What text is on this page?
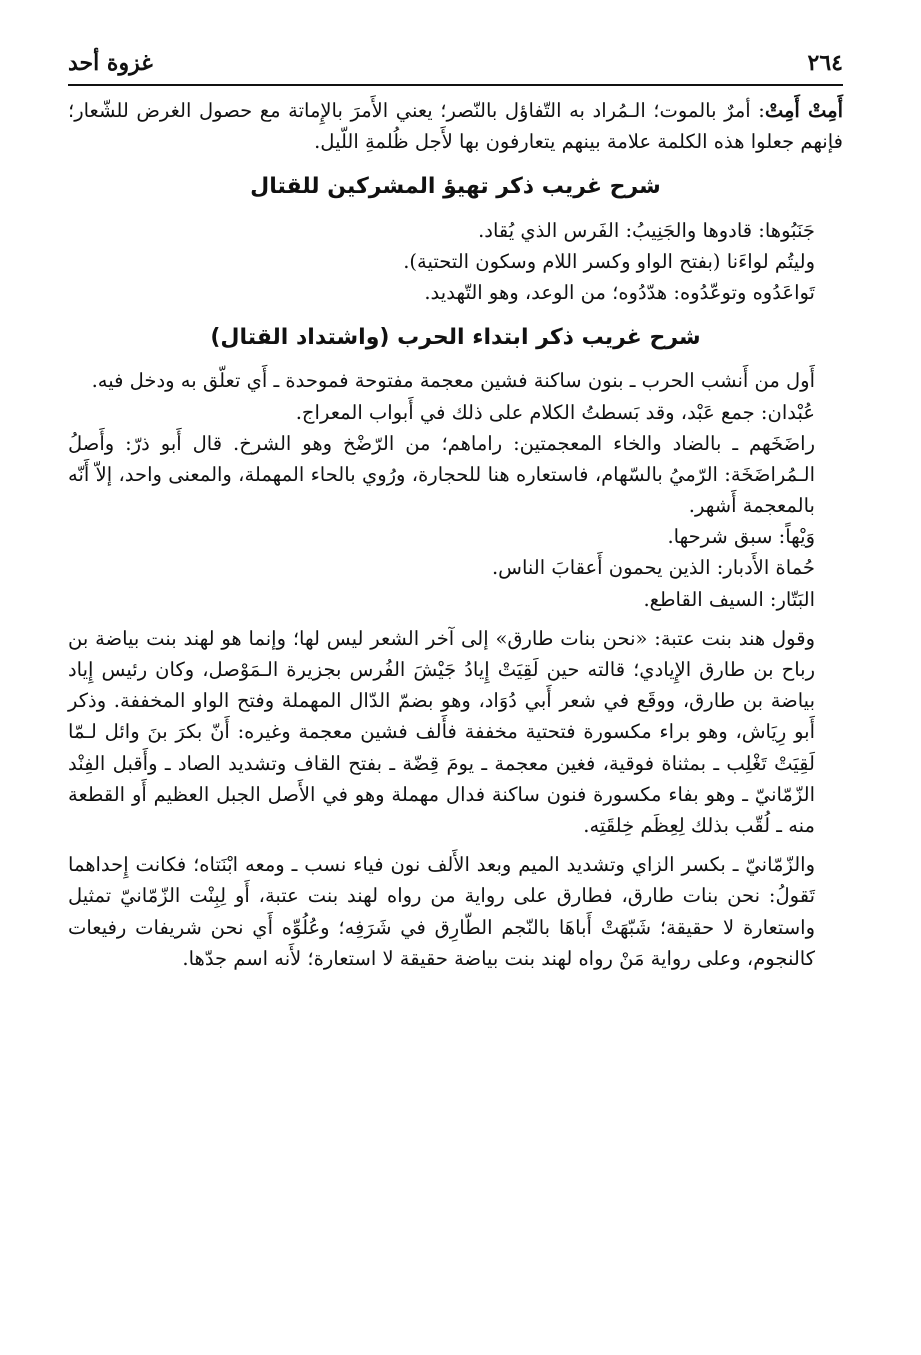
٢٦٤
غزوة أحد

أَمِتْ أَمِتْ: أمرٌ بالموت؛ الـمُراد به التّفاؤل بالنّصر؛ يعني الأَمرَ بالإِماتة مع حصول الغرض للشّعار؛ فإنهم جعلوا هذه الكلمة علامة بينهم يتعارفون بها لأَجل ظُلمةِ اللّيل.

شرح غريب ذكر تهيؤ المشركين للقتال

جَنَبُوها: قادوها والجَنِيبُ: الفَرس الذي يُقاد.

وليتُم لواءَنا (بفتح الواو وكسر اللام وسكون التحتية).

تَواعَدُوه وتوعّدُوه: هدّدُوه؛ من الوعد، وهو التّهديد.

شرح غريب ذكر ابتداء الحرب (واشتداد القتال)

أَول من أَنشب الحرب ـ بنون ساكنة فشين معجمة مفتوحة فموحدة ـ أَي تعلّق به ودخل فيه.

عُبْدان: جمع عَبْد، وقد بَسطتُ الكلام على ذلك في أَبواب المعراج.

راضَخَهم ـ بالضاد والخاء المعجمتين: راماهم؛ من الرّضْخ وهو الشرخ. قال أَبو ذرّ: وأَصلُ الـمُراضَخَة: الرّميُ بالسّهام، فاستعاره هنا للحجارة، ورُوي بالحاء المهملة، والمعنى واحد، إلاّ أَنّه بالمعجمة أَشهر.

وَيْهاً: سبق شرحها.

حُماة الأَدبار: الذين يحمون أَعقابَ الناس.

البَتّار: السيف القاطع.

وقول هند بنت عتبة: «نحن بنات طارق» إلى آخر الشعر ليس لها؛ وإنما هو لهند بنت بياضة بن رباح بن طارق الإِيادي؛ قالته حين لَقِيَتْ إِيادُ جَيْشَ الفُرس بجزيرة الـمَوْصل، وكان رئيس إِياد بياضة بن طارق، ووقَع في شعر أَبي دُوَاد، وهو بضمّ الدّال المهملة وفتح الواو المخففة. وذكر أَبو رِيَاش، وهو براء مكسورة فتحتية مخففة فأَلف فشين معجمة وغيره: أَنّ بكرَ بنَ وائل لـمّا لَقِيَتْ تَغْلِب ـ بمثناة فوقية، فغين معجمة ـ يومَ قِضّة ـ بفتح القاف وتشديد الصاد ـ وأَقبل الفِنْد الزّمّانيّ ـ وهو بفاء مكسورة فنون ساكنة فدال مهملة وهو في الأَصل الجبل العظيم أَو القطعة منه ـ لُقّب بذلك لِعِظَم خِلقَتِه.

والزّمّانيّ ـ بكسر الزاي وتشديد الميم وبعد الأَلف نون فياء نسب ـ ومعه ابْنَتاه؛ فكانت إِحداهما تَقولُ: نحن بنات طارق، فطارق على رواية من رواه لهند بنت عتبة، أَو لِبِنْت الزّمّانيّ تمثيل واستعارة لا حقيقة؛ شَبّهَتْ أَباهَا بالنّجم الطّارِق في شَرَفِه؛ وعُلُوِّه أَي نحن شريفات رفيعات كالنجوم، وعلى رواية مَنْ رواه لهند بنت بياضة حقيقة لا استعارة؛ لأَنه اسم جدّها.
